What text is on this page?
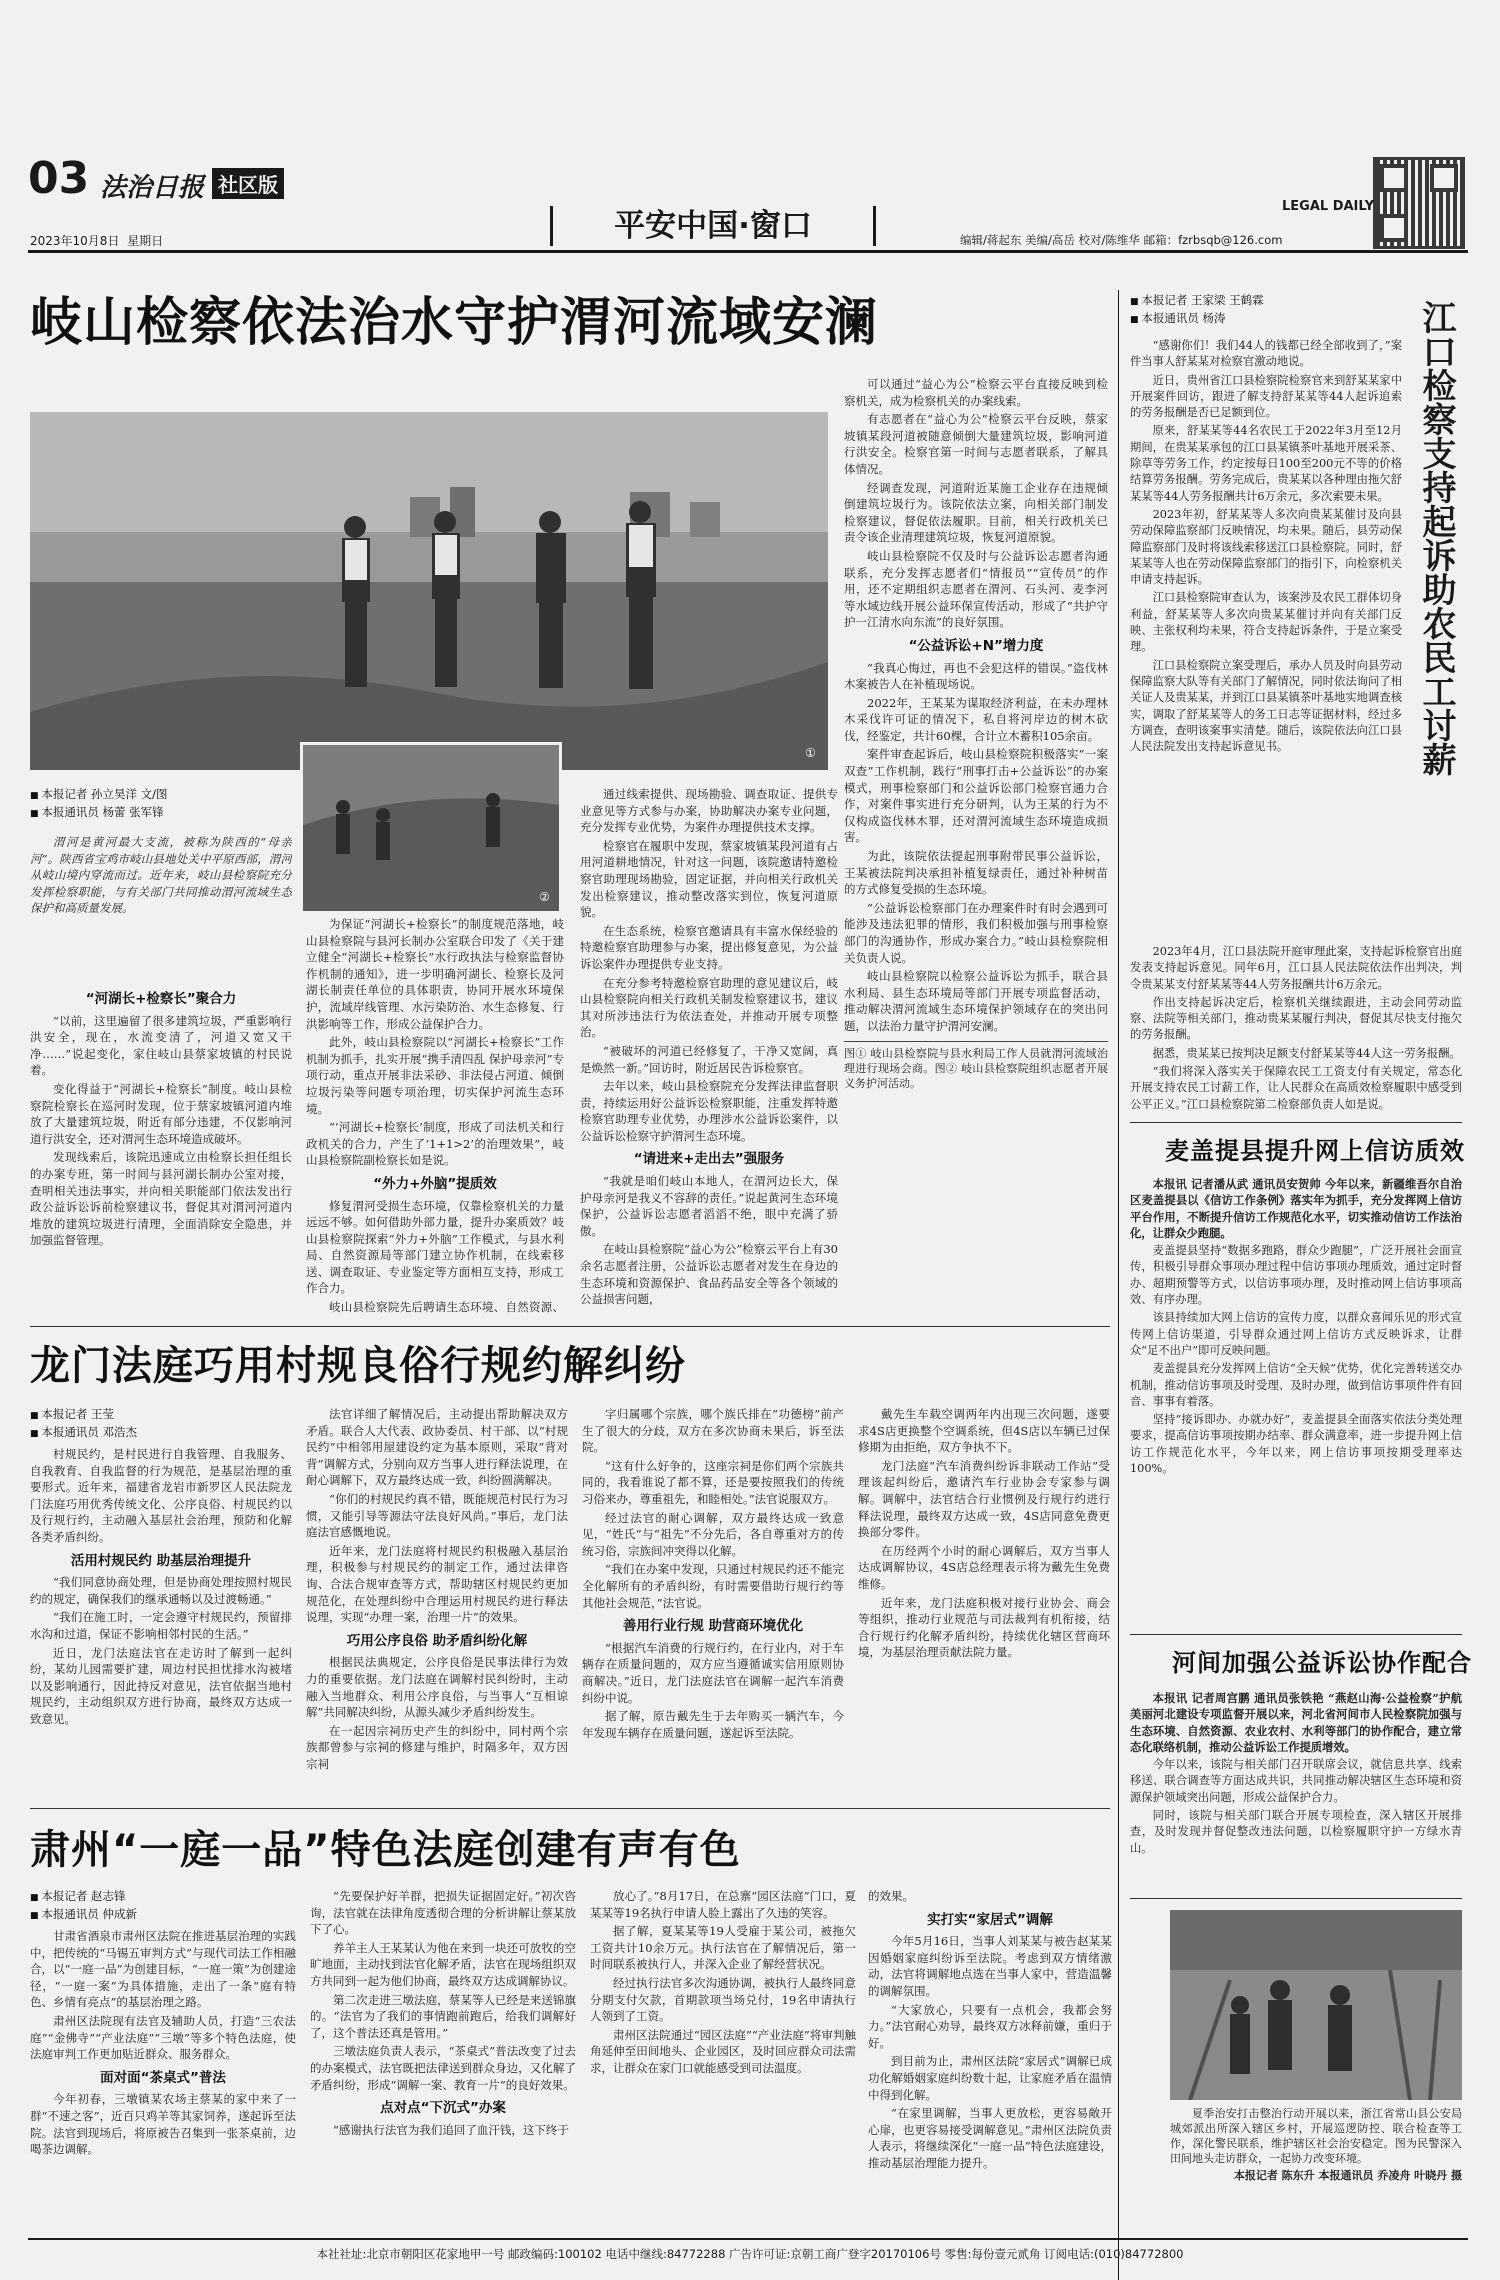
03 法治日报 社区版
2023年10月8日 星期日	平安中国·窗口	编辑/蒋起东 美编/高岳 校对/陈维华 邮箱：fzrbsqb@126.com
LEGAL DAILY
岐山检察依法治水守护渭河流域安澜
①
②
■ 本报记者 孙立昊洋 文/图
■ 本报通讯员 杨蕾 张军锋

渭河是黄河最大支流，被称为陕西的“母亲河”。陕西省宝鸡市岐山县地处关中平原西部，渭河从岐山境内穿流而过。近年来，岐山县检察院充分发挥检察职能，与有关部门共同推动渭河流域生态保护和高质量发展。

“河湖长+检察长”聚合力

“以前，这里遍留了很多建筑垃圾，严重影响行洪安全，现在，水流变清了，河道又宽又干净……”说起变化，家住岐山县蔡家坡镇的村民说着。

变化得益于“河湖长+检察长”制度。岐山县检察院检察长在巡河时发现，位于蔡家坡镇河道内堆放了大量建筑垃圾，附近有部分违建，不仅影响河道行洪安全，还对渭河生态环境造成破坏。

发现线索后，该院迅速成立由检察长担任组长的办案专班，第一时间与县河湖长制办公室对接，查明相关违法事实，并向相关职能部门依法发出行政公益诉讼诉前检察建议书，督促其对渭河河道内堆放的建筑垃圾进行清理，全面消除安全隐患，并加强监督管理。

为保证“河湖长+检察长”的制度规范落地，岐山县检察院与县河长制办公室联合印发了《关于建立健全“河湖长+检察长”水行政执法与检察监督协作机制的通知》，进一步明确河湖长、检察长及河湖长制责任单位的具体职责，协同开展水环境保护，流域岸线管理、水污染防治、水生态修复、行洪影响等工作，形成公益保护合力。

此外，岐山县检察院以“河湖长+检察长”工作机制为抓手，扎实开展“携手清四乱 保护母亲河”专项行动，重点开展非法采砂、非法侵占河道、倾倒垃圾污染等问题专项治理，切实保护河流生态环境。

“‘河湖长+检察长’制度，形成了司法机关和行政机关的合力，产生了‘1+1>2’的治理效果”，岐山县检察院副检察长如是说。

“外力+外脑”提质效

修复渭河受损生态环境，仅靠检察机关的力量远远不够。如何借助外部力量，提升办案质效？岐山县检察院探索“外力+外脑”工作模式，与县水利局、自然资源局等部门建立协作机制，在线索移送、调查取证、专业鉴定等方面相互支持，形成工作合力。

岐山县检察院先后聘请生态环境、自然资源、

通过线索提供、现场勘验、调查取证、提供专业意见等方式参与办案，协助解决办案专业问题，充分发挥专业优势，为案件办理提供技术支撑。

检察官在履职中发现，蔡家坡镇某段河道有占用河道耕地情况，针对这一问题，该院邀请特邀检察官助理现场勘验，固定证据，并向相关行政机关发出检察建议，推动整改落实到位，恢复河道原貌。

在生态系统，检察官邀请具有丰富水保经验的特邀检察官助理参与办案，提出修复意见，为公益诉讼案件办理提供专业支持。

在充分参考特邀检察官助理的意见建议后，岐山县检察院向相关行政机关制发检察建议书，建议其对所涉违法行为依法查处，并推动开展专项整治。

“被破坏的河道已经修复了，干净又宽阔，真是焕然一新。”回访时，附近居民告诉检察官。

去年以来，岐山县检察院充分发挥法律监督职责，持续运用好公益诉讼检察职能，注重发挥特邀检察官助理专业优势，办理涉水公益诉讼案件，以公益诉讼检察守护渭河生态环境。

“请进来+走出去”强服务

“我就是咱们岐山本地人，在渭河边长大，保护母亲河是我义不容辞的责任。”说起黄河生态环境保护，公益诉讼志愿者滔滔不绝，眼中充满了骄傲。

在岐山县检察院“益心为公”检察云平台上有30余名志愿者注册，公益诉讼志愿者对发生在身边的生态环境和资源保护、食品药品安全等各个领域的公益损害问题，

可以通过“益心为公”检察云平台直接反映到检察机关，成为检察机关的办案线索。

有志愿者在“益心为公”检察云平台反映，蔡家坡镇某段河道被随意倾倒大量建筑垃圾，影响河道行洪安全。检察官第一时间与志愿者联系，了解具体情况。

经调查发现，河道附近某施工企业存在违规倾倒建筑垃圾行为。该院依法立案，向相关部门制发检察建议，督促依法履职。目前，相关行政机关已责令该企业清理建筑垃圾，恢复河道原貌。

岐山县检察院不仅及时与公益诉讼志愿者沟通联系，充分发挥志愿者们“情报员”“宣传员”的作用，还不定期组织志愿者在渭河、石头河、麦李河等水域边线开展公益环保宣传活动，形成了“共护守护一江清水向东流”的良好氛围。

“公益诉讼+N”增力度

“我真心悔过，再也不会犯这样的错误。”盗伐林木案被告人在补植现场说。

2022年，王某某为谋取经济利益，在未办理林木采伐许可证的情况下，私自将河岸边的树木砍伐，经鉴定，共计60棵，合计立木蓄积105余亩。

案件审查起诉后，岐山县检察院积极落实“一案双查”工作机制，践行“刑事打击+公益诉讼”的办案模式，刑事检察部门和公益诉讼部门检察官通力合作，对案件事实进行充分研判，认为王某的行为不仅构成盗伐林木罪，还对渭河流域生态环境造成损害。

为此，该院依法提起刑事附带民事公益诉讼，王某被法院判决承担补植复绿责任，通过补种树苗的方式修复受损的生态环境。

“公益诉讼检察部门在办理案件时有时会遇到可能涉及违法犯罪的情形，我们积极加强与刑事检察部门的沟通协作，形成办案合力。”岐山县检察院相关负责人说。

岐山县检察院以检察公益诉讼为抓手，联合县水利局、县生态环境局等部门开展专项监督活动，推动解决渭河流域生态环境保护领域存在的突出问题，以法治力量守护渭河安澜。

图① 岐山县检察院与县水利局工作人员就渭河流域治理进行现场会商。图② 岐山县检察院组织志愿者开展义务护河活动。
■ 本报记者 王家梁 王鹤霖
■ 本报通讯员 杨涛	江口检察支持起诉助农民工讨薪

“感谢你们！我们44人的钱都已经全部收到了，”案件当事人舒某某对检察官激动地说。

近日，贵州省江口县检察院检察官来到舒某某家中开展案件回访，跟进了解支持舒某某等44人起诉追索的劳务报酬是否已足额到位。

原来，舒某某等44名农民工于2022年3月至12月期间，在贵某某承包的江口县某镇茶叶基地开展采茶、除草等劳务工作，约定按每日100至200元不等的价格结算劳务报酬。劳务完成后，贵某某以各种理由拖欠舒某某等44人劳务报酬共计6万余元，多次索要未果。

2023年初，舒某某等人多次向贵某某催讨及向县劳动保障监察部门反映情况，均未果。随后，县劳动保障监察部门及时将该线索移送江口县检察院。同时，舒某某等人也在劳动保障监察部门的指引下，向检察机关申请支持起诉。

江口县检察院审查认为，该案涉及农民工群体切身利益，舒某某等人多次向贵某某催讨并向有关部门反映、主张权利均未果，符合支持起诉条件，于是立案受理。

江口县检察院立案受理后，承办人员及时向县劳动保障监察大队等有关部门了解情况，同时依法询问了相关证人及贵某某，并到江口县某镇茶叶基地实地调查核实，调取了舒某某等人的务工日志等证据材料，经过多方调查，查明该案事实清楚。随后，该院依法向江口县人民法院发出支持起诉意见书。

2023年4月，江口县法院开庭审理此案，支持起诉检察官出庭发表支持起诉意见。同年6月，江口县人民法院依法作出判决，判令贵某某支付舒某某等44人劳务报酬共计6万余元。

作出支持起诉决定后，检察机关继续跟进，主动会同劳动监察、法院等相关部门，推动贵某某履行判决，督促其尽快支付拖欠的劳务报酬。

据悉，贵某某已按判决足额支付舒某某等44人这一劳务报酬。

“我们将深入落实关于保障农民工工资支付有关规定，常态化开展支持农民工讨薪工作，让人民群众在高质效检察履职中感受到公平正义。”江口县检察院第二检察部负责人如是说。

麦盖提县提升网上信访质效

本报讯 记者潘从武 通讯员安贺帅 今年以来，新疆维吾尔自治区麦盖提县以《信访工作条例》落实年为抓手，充分发挥网上信访平台作用，不断提升信访工作规范化水平，切实推动信访工作法治化，让群众少跑腿。

麦盖提县坚持“数据多跑路，群众少跑腿”，广泛开展社会面宣传，积极引导群众事项办理过程中信访事项办理质效，通过定时督办、超期预警等方式，以信访事项办理，及时推动网上信访事项高效、有序办理。

该县持续加大网上信访的宣传力度，以群众喜闻乐见的形式宣传网上信访渠道，引导群众通过网上信访方式反映诉求，让群众“足不出户”即可反映问题。

麦盖提县充分发挥网上信访“全天候”优势，优化完善转送交办机制，推动信访事项及时受理、及时办理，做到信访事项件件有回音、事事有着落。

坚持“接诉即办、办就办好”，麦盖提县全面落实依法分类处理要求，提高信访事项按期办结率、群众满意率，进一步提升网上信访工作规范化水平，今年以来，网上信访事项按期受理率达100%。

龙门法庭巧用村规良俗行规约解纠纷
■ 本报记者 王莹
■ 本报通讯员 邓浩杰

村规民约，是村民进行自我管理、自我服务、自我教育、自我监督的行为规范，是基层治理的重要形式。近年来，福建省龙岩市新罗区人民法院龙门法庭巧用优秀传统文化、公序良俗、村规民约以及行规行约，主动融入基层社会治理，预防和化解各类矛盾纠纷。

活用村规民约 助基层治理提升

“我们同意协商处理，但是协商处理按照村规民约的规定，确保我们的继承通畅以及过渡畅通。”

“我们在施工时，一定会遵守村规民约，预留排水沟和过道，保证不影响相邻村民的生活。”

近日，龙门法庭法官在走访时了解到一起纠纷，某幼儿园需要扩建，周边村民担忧排水沟被堵以及影响通行，因此持反对意见，法官依据当地村规民约，主动组织双方进行协商，最终双方达成一致意见。

法官详细了解情况后，主动提出帮助解决双方矛盾。联合人大代表、政协委员、村干部、以“村规民约”中相邻用屋建设约定为基本原则，采取“背对背”调解方式，分别向双方当事人进行释法说理，在耐心调解下，双方最终达成一致，纠纷圆满解决。

“你们的村规民约真不错，既能规范村民行为习惯，又能引导等源法守法良好风尚。”事后，龙门法庭法官感慨地说。

近年来，龙门法庭将村规民约积极融入基层治理，积极参与村规民约的制定工作，通过法律咨询、合法合规审查等方式，帮助辖区村规民约更加规范化，在处理纠纷中合理运用村规民约进行释法说理，实现“办理一案，治理一片”的效果。

巧用公序良俗 助矛盾纠纷化解

根据民法典规定，公序良俗是民事法律行为效力的重要依据。龙门法庭在调解村民纠纷时，主动融入当地群众、利用公序良俗，与当事人“互相谅解”共同解决纠纷，从源头减少矛盾纠纷发生。

在一起因宗祠历史产生的纠纷中，同村两个宗族都曾参与宗祠的修建与维护，时隔多年，双方因宗祠

字归属哪个宗族，哪个族氏排在“功德榜”前产生了很大的分歧，双方在多次协商未果后，诉至法院。

“这有什么好争的，这座宗祠是你们两个宗族共同的，我看谁说了都不算，还是要按照我们的传统习俗来办，尊重祖先，和睦相处。”法官说服双方。

经过法官的耐心调解，双方最终达成一致意见，“姓氏”与“祖先”不分先后，各自尊重对方的传统习俗，宗族间冲突得以化解。

“我们在办案中发现，只通过村规民约还不能完全化解所有的矛盾纠纷，有时需要借助行规行约等其他社会规范，”法官说。

善用行业行规 助营商环境优化

“根据汽车消费的行规行约，在行业内，对于车辆存在质量问题的，双方应当遵循诚实信用原则协商解决。”近日，龙门法庭法官在调解一起汽车消费纠纷中说。

据了解，原告戴先生于去年购买一辆汽车，今年发现车辆存在质量问题，遂起诉至法院。

戴先生车载空调两年内出现三次问题，遂要求4S店更换整个空调系统，但4S店以车辆已过保修期为由拒绝，双方争执不下。

龙门法庭“汽车消费纠纷诉非联动工作站”受理该起纠纷后，邀请汽车行业协会专家参与调解。调解中，法官结合行业惯例及行规行约进行释法说理，最终双方达成一致，4S店同意免费更换部分零件。

在历经两个小时的耐心调解后，双方当事人达成调解协议，4S店总经理表示将为戴先生免费维修。

近年来，龙门法庭积极对接行业协会、商会等组织，推动行业规范与司法裁判有机衔接，结合行规行约化解矛盾纠纷，持续优化辖区营商环境，为基层治理贡献法院力量。	河间加强公益诉讼协作配合

本报讯 记者周宫鹏 通讯员张铁艳 “燕赵山海·公益检察”护航美丽河北建设专项监督开展以来，河北省河间市人民检察院加强与生态环境、自然资源、农业农村、水利等部门的协作配合，建立常态化联络机制，推动公益诉讼工作提质增效。

今年以来，该院与相关部门召开联席会议，就信息共享、线索移送、联合调查等方面达成共识，共同推动解决辖区生态环境和资源保护领域突出问题，形成公益保护合力。

同时，该院与相关部门联合开展专项检查，深入辖区开展排查，及时发现并督促整改违法问题，以检察履职守护一方绿水青山。

夏季治安打击整治行动开展以来，浙江省常山县公安局城郊派出所深入辖区乡村，开展巡逻防控、联合检查等工作，深化警民联系，维护辖区社会治安稳定。图为民警深入田间地头走访群众，一起协力改变环境。
本报记者 陈东升 本报通讯员 乔凌舟 叶晓丹 摄
肃州“一庭一品”特色法庭创建有声有色
■ 本报记者 赵志锋
■ 本报通讯员 仲成新

甘肃省酒泉市肃州区法院在推进基层治理的实践中，把传统的“马锡五审判方式”与现代司法工作相融合，以“一庭一品”为创建目标，“一庭一策”为创建途径，“一庭一案”为具体措施，走出了一条“庭有特色、乡情有亮点”的基层治理之路。

肃州区法院现有法官及辅助人员，打造“三农法庭”“金佛寺”“产业法庭”“三墩”等多个特色法庭，使法庭审判工作更加贴近群众、服务群众。

面对面“茶桌式”普法

今年初春，三墩镇某农场主蔡某的家中来了一群“不速之客”，近百只鸡羊等其家饲养，遂起诉至法院。法官到现场后，将原被告召集到一张茶桌前，边喝茶边调解。

“先要保护好羊群，把损失证据固定好。”初次咨询，法官就在法律角度透彻合理的分析讲解让蔡某放下了心。

养羊主人王某某认为他在来到一块还可放牧的空旷地面，主动找到法官化解矛盾，法官在现场组织双方共同到一起为他们协商，最终双方达成调解协议。

第二次走进三墩法庭，蔡某等人已经是来送锦旗的。“法官为了我们的事情跑前跑后，给我们调解好了，这个普法还真是管用。”

三墩法庭负责人表示，“茶桌式”普法改变了过去的办案模式，法官既把法律送到群众身边，又化解了矛盾纠纷，形成“调解一案、教育一片”的良好效果。

点对点“下沉式”办案

“感谢执行法官为我们追回了血汗钱，这下终于

放心了。”8月17日，在总寨“园区法庭”门口，夏某某等19名执行申请人脸上露出了久违的笑容。

据了解，夏某某等19人受雇于某公司，被拖欠工资共计10余万元。执行法官在了解情况后，第一时间联系被执行人，并深入企业了解经营状况。

经过执行法官多次沟通协调，被执行人最终同意分期支付欠款，首期款项当场兑付，19名申请执行人领到了工资。

肃州区法院通过“园区法庭”“产业法庭”将审判触角延伸至田间地头、企业园区，及时回应群众司法需求，让群众在家门口就能感受到司法温度。

的效果。

实打实“家居式”调解

今年5月16日，当事人刘某某与被告赵某某因婚姻家庭纠纷诉至法院。考虑到双方情绪激动，法官将调解地点选在当事人家中，营造温馨的调解氛围。

“大家放心，只要有一点机会，我都会努力。”法官耐心劝导，最终双方冰释前嫌，重归于好。

到目前为止，肃州区法院“家居式”调解已成功化解婚姻家庭纠纷数十起，让家庭矛盾在温情中得到化解。

“在家里调解，当事人更放松，更容易敞开心扉，也更容易接受调解意见。”肃州区法院负责人表示，将继续深化“一庭一品”特色法庭建设，推动基层治理能力提升。

本社社址:北京市朝阳区花家地甲一号 邮政编码:100102 电话中继线:84772288 广告许可证:京朝工商广登字20170106号 零售:每份壹元贰角 订阅电话:(010)84772800
